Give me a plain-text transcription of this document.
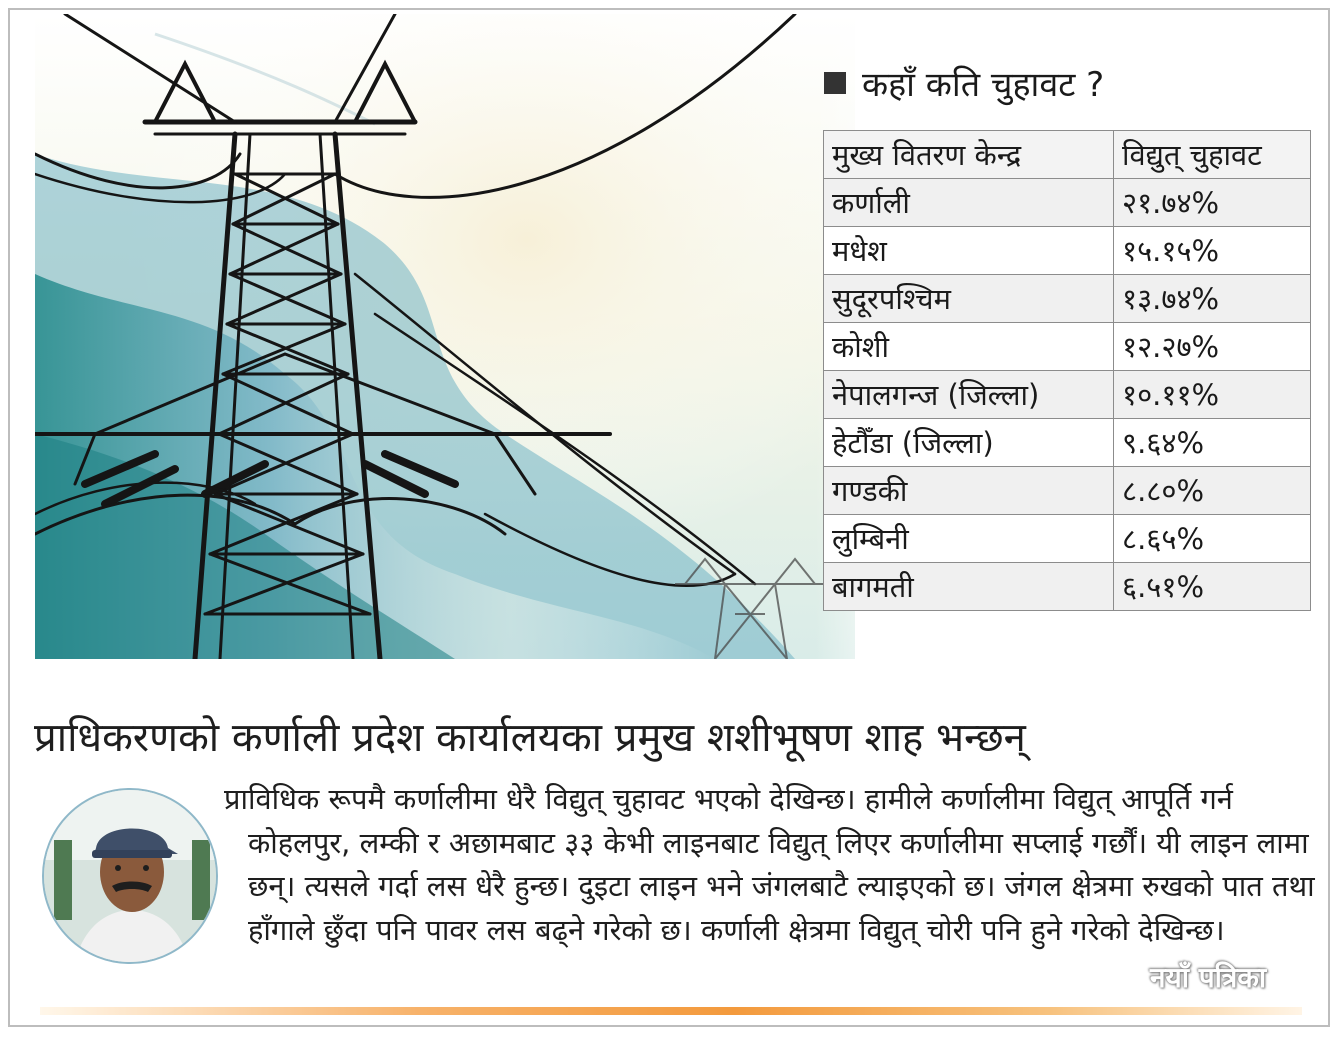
कहाँ कति चुहावट ?
मुख्य वितरण केन्द्र	विद्युत् चुहावट
कर्णाली	२१.७४%
मधेश	१५.१५%
सुदूरपश्चिम	१३.७४%
कोशी	१२.२७%
नेपालगन्ज (जिल्ला)	१०.११%
हेटौँडा (जिल्ला)	९.६४%
गण्डकी	८.८०%
लुम्बिनी	८.६५%
बागमती	६.५१%
प्राधिकरणको कर्णाली प्रदेश कार्यालयका प्रमुख शशीभूषण शाह भन्छन्

प्राविधिक रूपमै कर्णालीमा धेरै विद्युत् चुहावट भएको देखिन्छ। हामीले कर्णालीमा विद्युत् आपूर्ति गर्न कोहलपुर, लम्की र अछामबाट ३३ केभी लाइनबाट विद्युत् लिएर कर्णालीमा सप्लाई गर्छौं। यी लाइन लामा छन्। त्यसले गर्दा लस धेरै हुन्छ। दुइटा लाइन भने जंगलबाटै ल्याइएको छ। जंगल क्षेत्रमा रुखको पात तथा हाँगाले छुँदा पनि पावर लस बढ्ने गरेको छ। कर्णाली क्षेत्रमा विद्युत् चोरी पनि हुने गरेको देखिन्छ।

नयाँ पत्रिका
